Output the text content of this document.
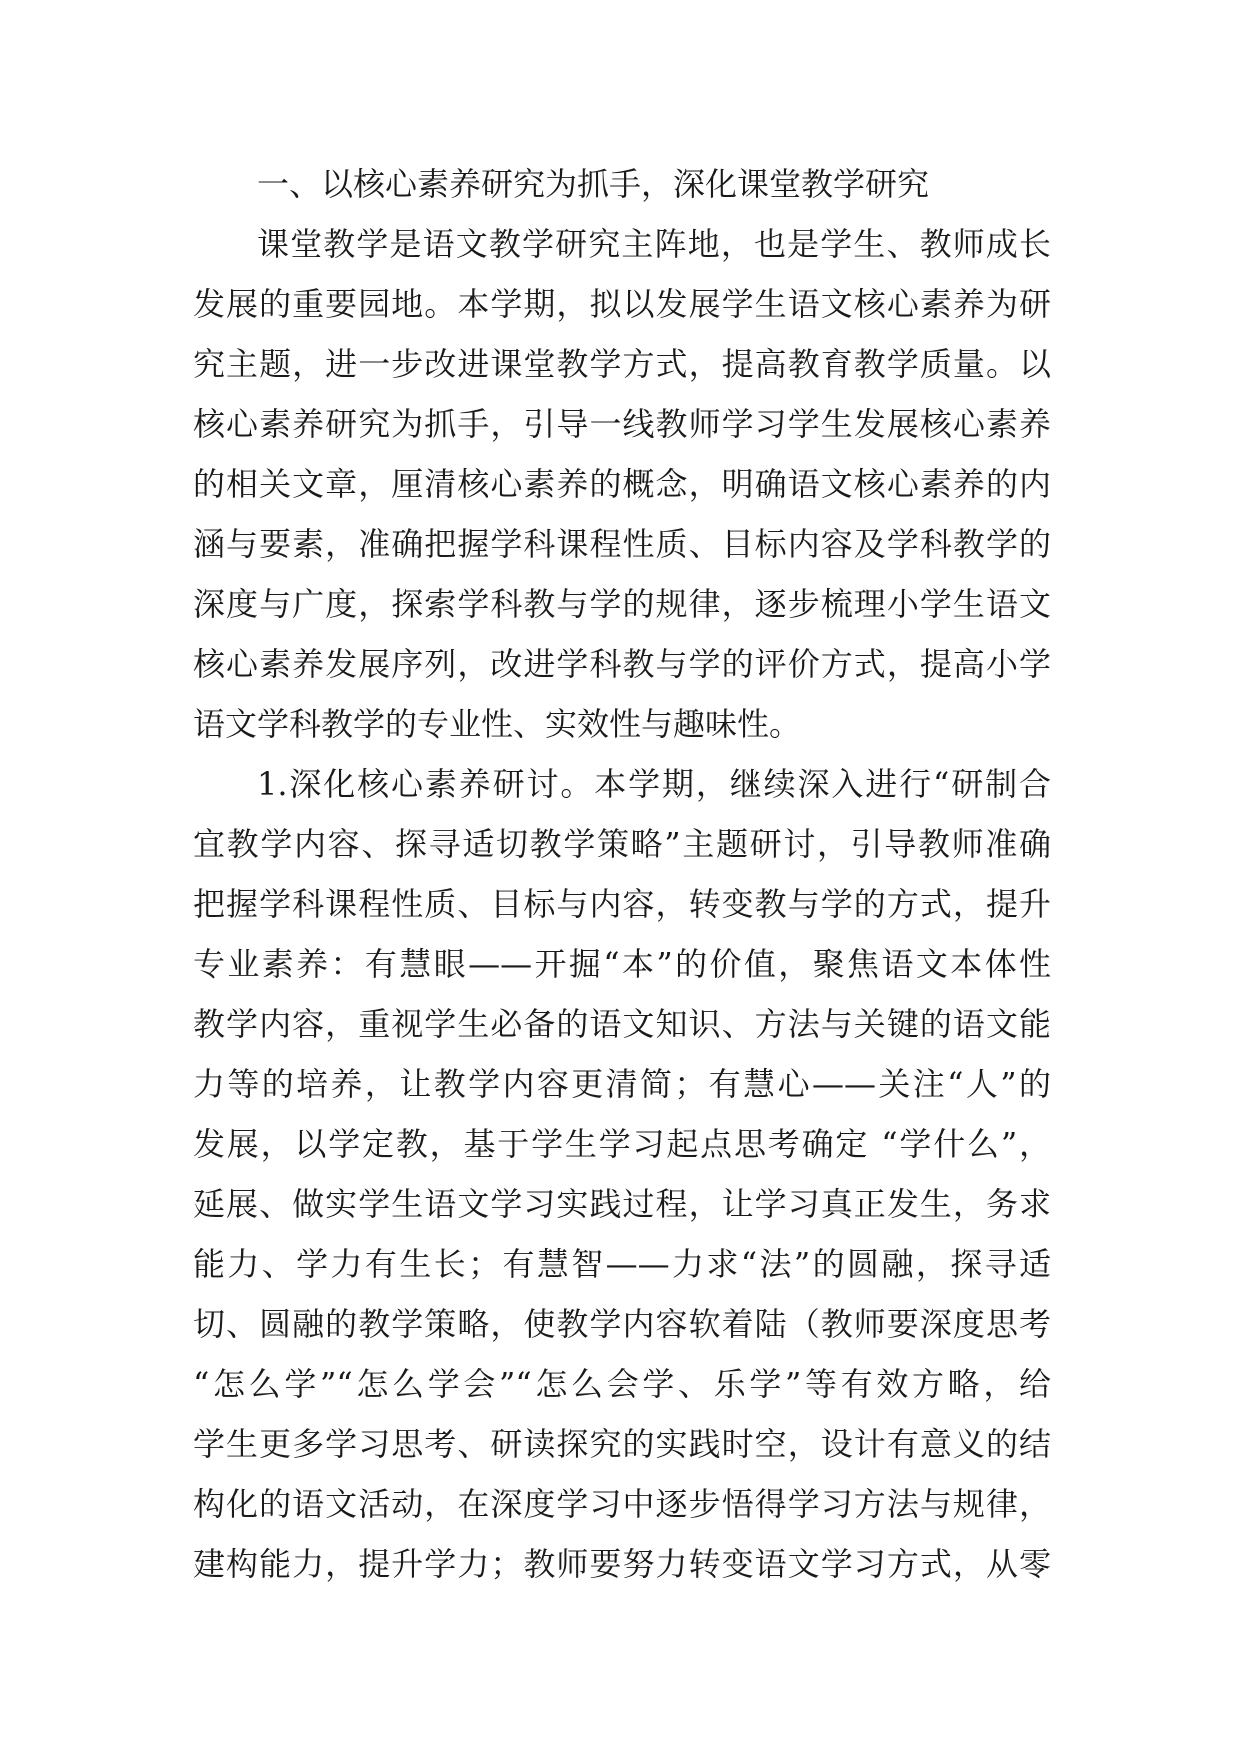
一、以核心素养研究为抓手，深化课堂教学研究
课堂教学是语文教学研究主阵地，也是学生、教师成长
发展的重要园地。本学期，拟以发展学生语文核心素养为研
究主题，进一步改进课堂教学方式，提高教育教学质量。以
核心素养研究为抓手，引导一线教师学习学生发展核心素养
的相关文章，厘清核心素养的概念，明确语文核心素养的内
涵与要素，准确把握学科课程性质、目标内容及学科教学的
深度与广度，探索学科教与学的规律，逐步梳理小学生语文
核心素养发展序列，改进学科教与学的评价方式，提高小学
语文学科教学的专业性、实效性与趣味性。
1.深化核心素养研讨。本学期，继续深入进行“研制合
宜教学内容、探寻适切教学策略”主题研讨，引导教师准确
把握学科课程性质、目标与内容，转变教与学的方式，提升
专业素养：有慧眼——开掘“本”的价值，聚焦语文本体性
教学内容，重视学生必备的语文知识、方法与关键的语文能
力等的培养，让教学内容更清简；有慧心——关注“人”的
发展，以学定教，基于学生学习起点思考确定 “学什么”，
延展、做实学生语文学习实践过程，让学习真正发生，务求
能力、学力有生长；有慧智——力求“法”的圆融，探寻适
切、圆融的教学策略，使教学内容软着陆（教师要深度思考
“怎么学”“怎么学会”“怎么会学、乐学”等有效方略，给
学生更多学习思考、研读探究的实践时空，设计有意义的结
构化的语文活动，在深度学习中逐步悟得学习方法与规律，
建构能力，提升学力；教师要努力转变语文学习方式，从零
